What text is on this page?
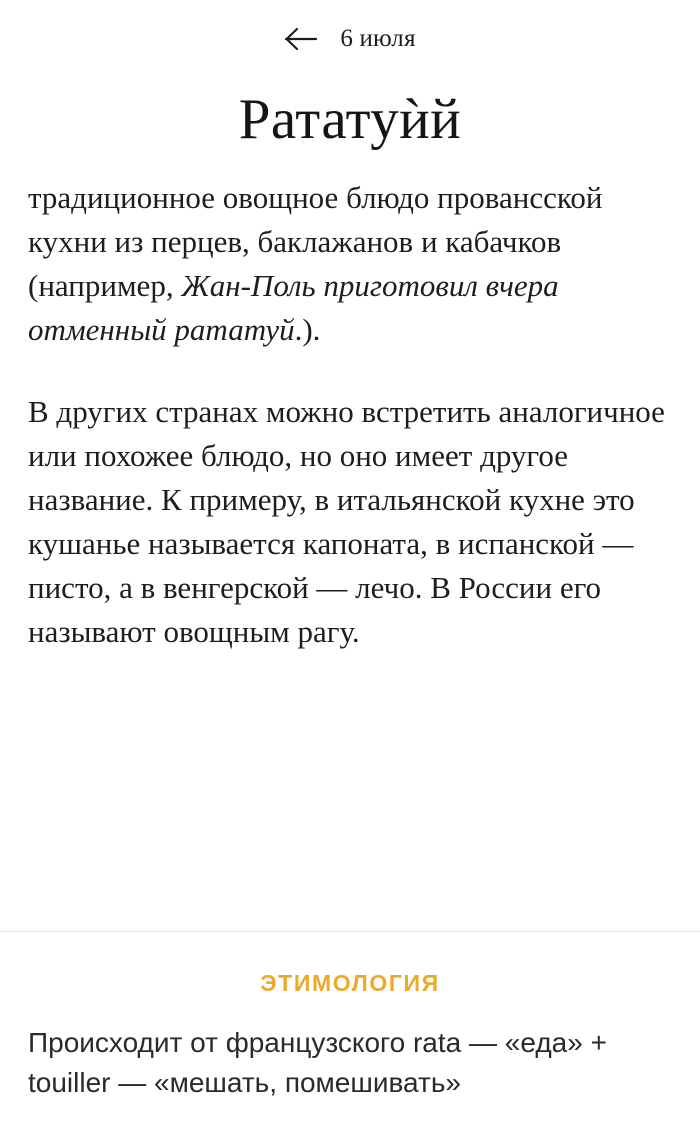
6 июля
Рататуѝй

традиционное овощное блюдо провансской кухни из перцев, баклажанов и кабачков (например, Жан-Поль приготовил вчера отменный рататуй.).

В других странах можно встретить аналогичное или похожее блюдо, но оно имеет другое название. К примеру, в итальянской кухне это кушанье называется капоната, в испанской — писто, а в венгерской — лечо. В России его называют овощным рагу.

ЭТИМОЛОГИЯ

Происходит от французского rata — «еда» + touiller — «мешать, помешивать»
